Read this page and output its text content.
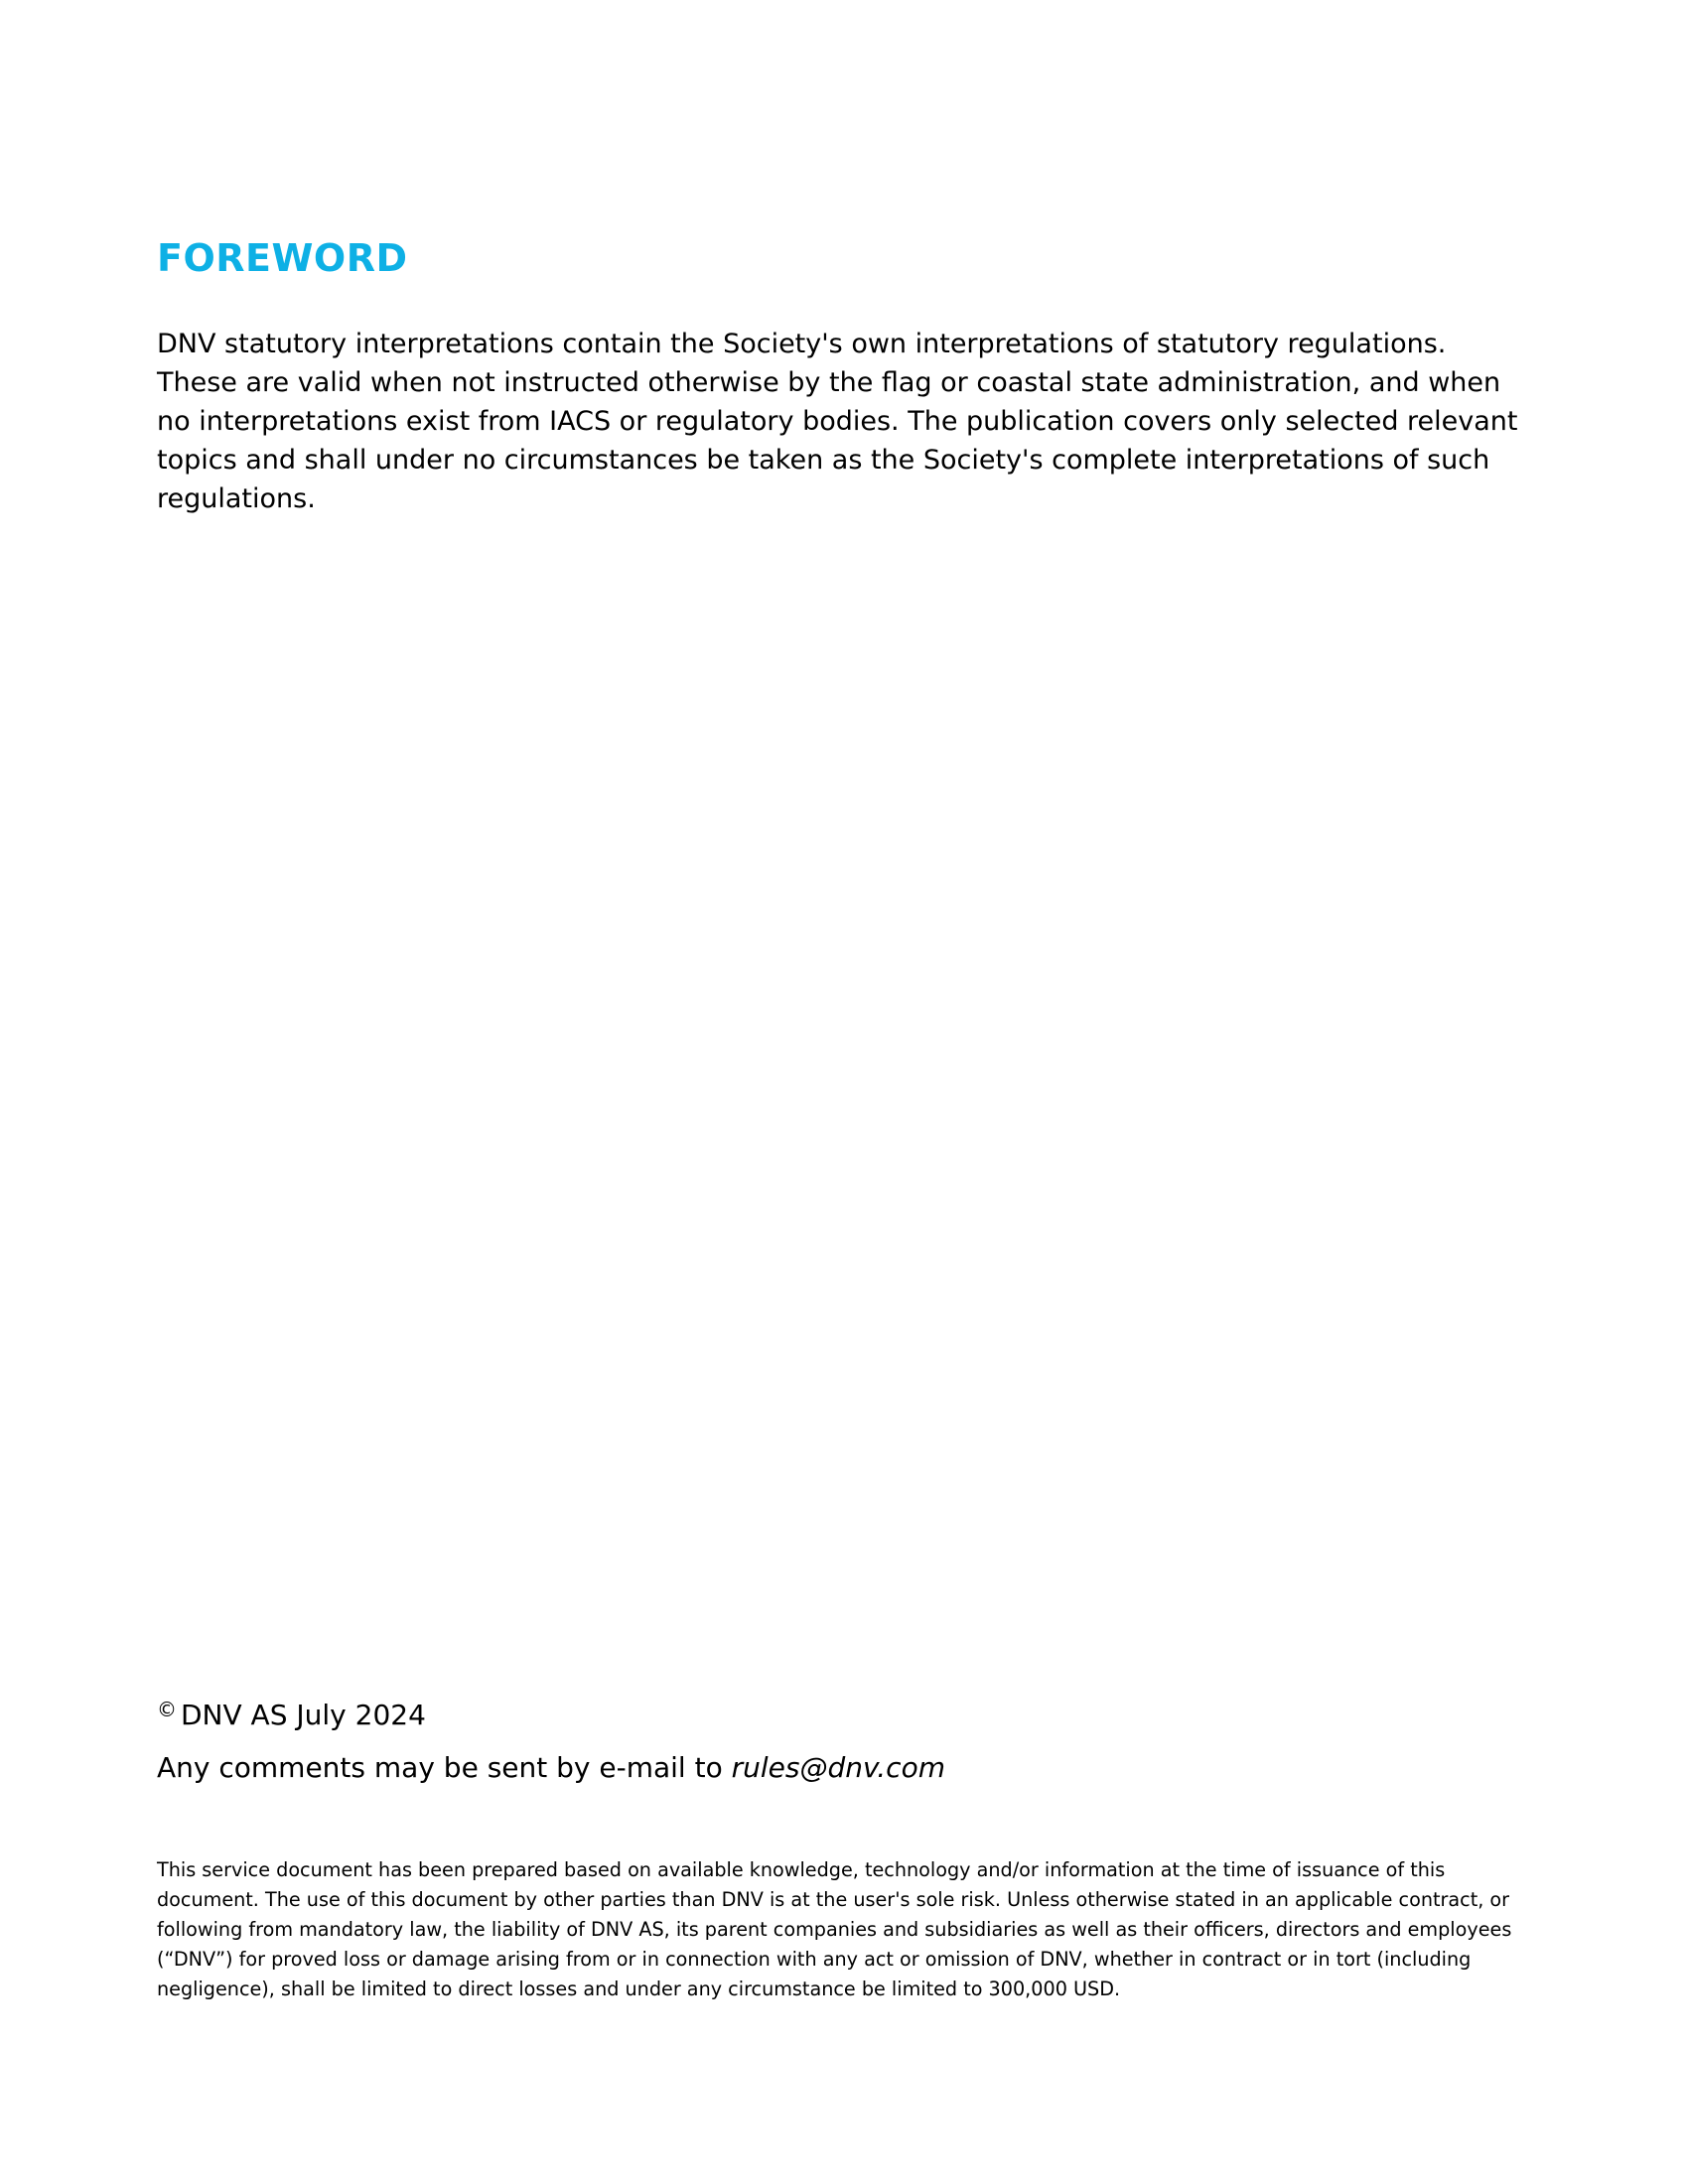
FOREWORD

DNV statutory interpretations contain the Society's own interpretations of statutory regulations. These are valid when not instructed otherwise by the flag or coastal state administration, and when no interpretations exist from IACS or regulatory bodies. The publication covers only selected relevant topics and shall under no circumstances be taken as the Society's complete interpretations of such regulations.

© DNV AS July 2024

Any comments may be sent by e-mail to rules@dnv.com

This service document has been prepared based on available knowledge, technology and/or information at the time of issuance of this document. The use of this document by other parties than DNV is at the user's sole risk. Unless otherwise stated in an applicable contract, or following from mandatory law, the liability of DNV AS, its parent companies and subsidiaries as well as their officers, directors and employees (“DNV”) for proved loss or damage arising from or in connection with any act or omission of DNV, whether in contract or in tort (including negligence), shall be limited to direct losses and under any circumstance be limited to 300,000 USD.
